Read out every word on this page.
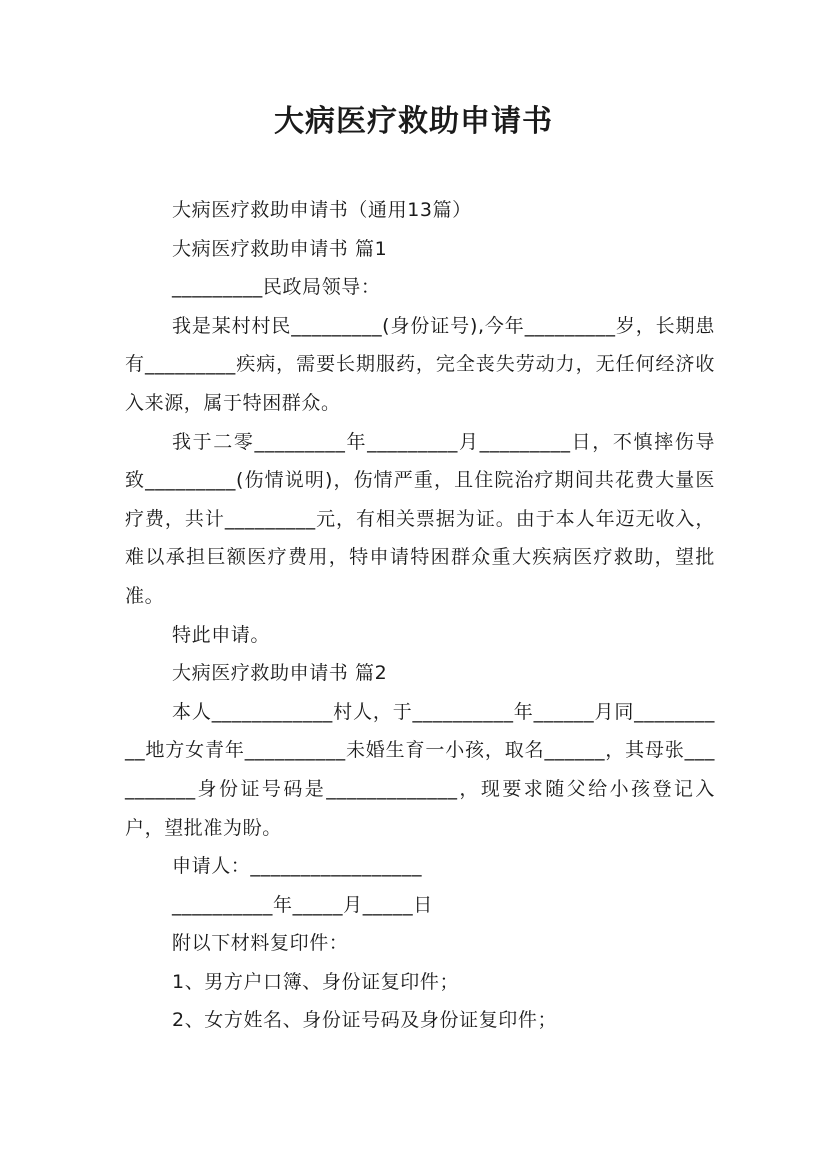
大病医疗救助申请书

大病医疗救助申请书（通用13篇）

大病医疗救助申请书 篇1

_________民政局领导：

我是某村村民_________(身份证号),今年_________岁，长期患有_________疾病，需要长期服药，完全丧失劳动力，无任何经济收入来源，属于特困群众。

我于二零_________年_________月_________日，不慎摔伤导致_________(伤情说明)，伤情严重，且住院治疗期间共花费大量医疗费，共计_________元，有相关票据为证。由于本人年迈无收入，难以承担巨额医疗费用，特申请特困群众重大疾病医疗救助，望批准。

特此申请。

大病医疗救助申请书 篇2

本人____________村人，于__________年______月同__________地方女青年__________未婚生育一小孩，取名______，其母张__________身份证号码是_____________，现要求随父给小孩登记入户，望批准为盼。

申请人：_________________

__________年_____月_____日

附以下材料复印件：

1、男方户口簿、身份证复印件；

2、女方姓名、身份证号码及身份证复印件；
